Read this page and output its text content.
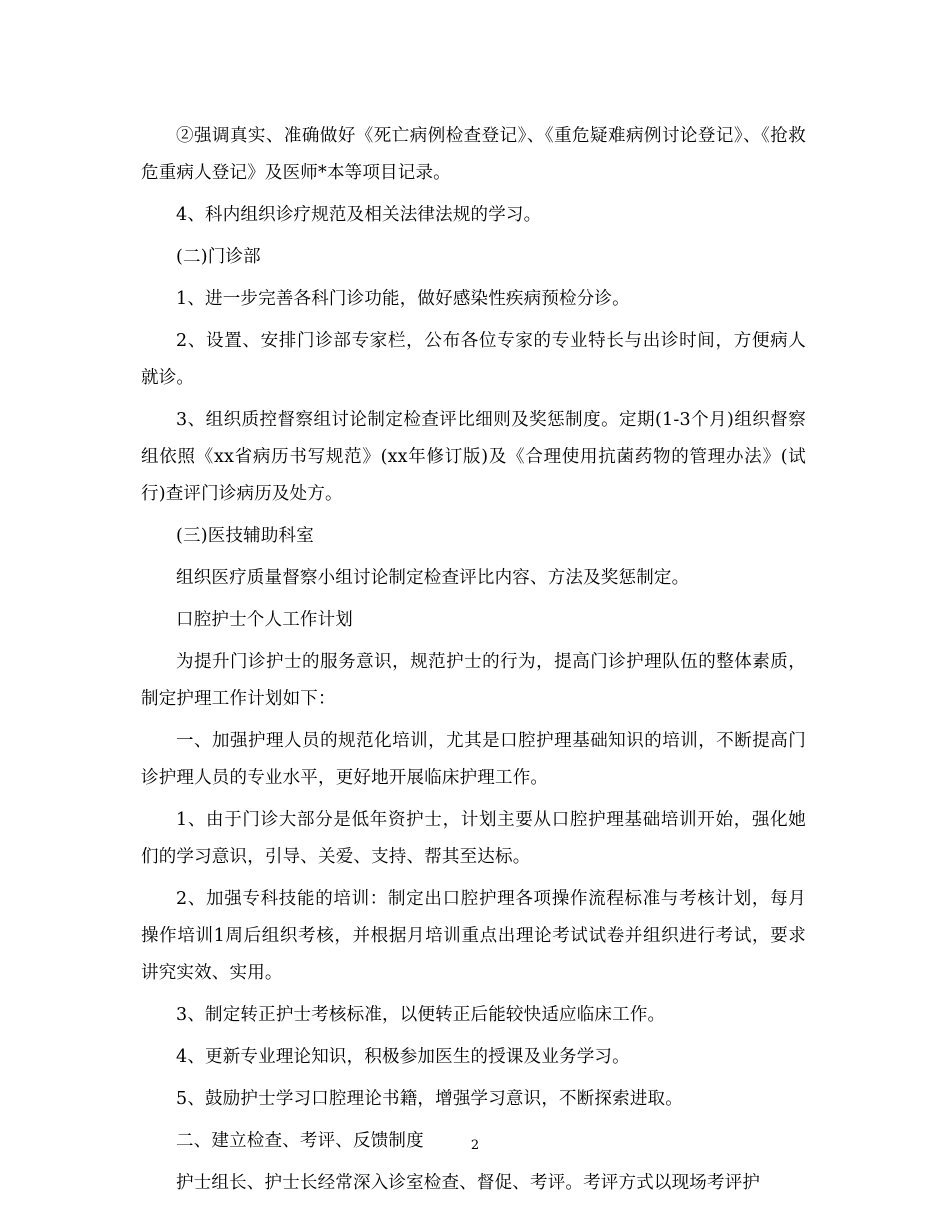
②强调真实、准确做好《死亡病例检查登记》、《重危疑难病例讨论登记》、《抢救危重病人登记》及医师*本等项目记录。

4、科内组织诊疗规范及相关法律法规的学习。

(二)门诊部

1、进一步完善各科门诊功能，做好感染性疾病预检分诊。

2、设置、安排门诊部专家栏，公布各位专家的专业特长与出诊时间，方便病人就诊。

3、组织质控督察组讨论制定检查评比细则及奖惩制度。定期(1-3个月)组织督察组依照《xx省病历书写规范》(xx年修订版)及《合理使用抗菌药物的管理办法》(试行)查评门诊病历及处方。

(三)医技辅助科室

组织医疗质量督察小组讨论制定检查评比内容、方法及奖惩制定。

口腔护士个人工作计划

为提升门诊护士的服务意识，规范护士的行为，提高门诊护理队伍的整体素质，制定护理工作计划如下：

一、加强护理人员的规范化培训，尤其是口腔护理基础知识的培训，不断提高门诊护理人员的专业水平，更好地开展临床护理工作。

1、由于门诊大部分是低年资护士，计划主要从口腔护理基础培训开始，强化她们的学习意识，引导、关爱、支持、帮其至达标。

2、加强专科技能的培训：制定出口腔护理各项操作流程标准与考核计划，每月操作培训1周后组织考核，并根据月培训重点出理论考试试卷并组织进行考试，要求讲究实效、实用。

3、制定转正护士考核标准，以便转正后能较快适应临床工作。

4、更新专业理论知识，积极参加医生的授课及业务学习。

5、鼓励护士学习口腔理论书籍，增强学习意识，不断探索进取。

二、建立检查、考评、反馈制度

护士组长、护士长经常深入诊室检查、督促、考评。考评方式以现场考评护

2
